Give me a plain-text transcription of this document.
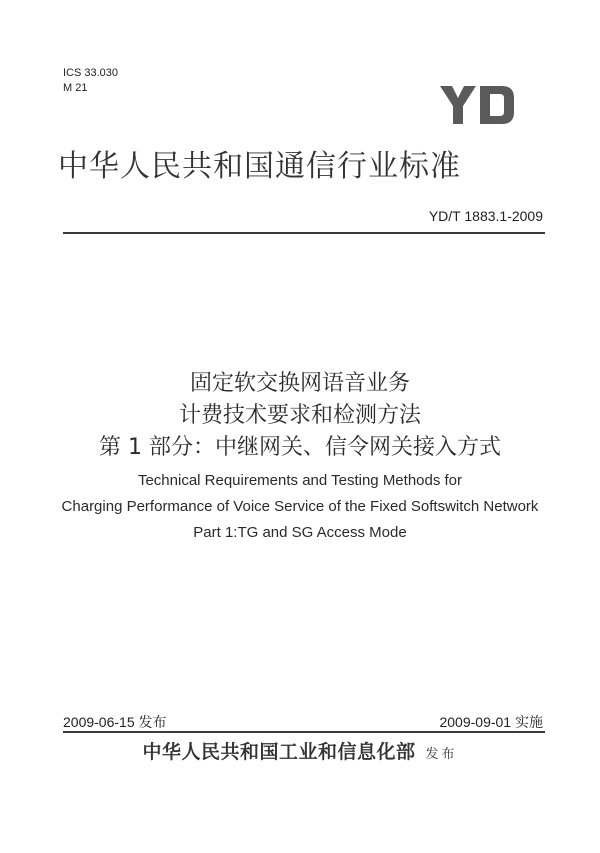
ICS 33.030
M 21
中华人民共和国通信行业标准
YD/T 1883.1-2009
固定软交换网语音业务
计费技术要求和检测方法
第 1 部分：中继网关、信令网关接入方式
Technical Requirements and Testing Methods for
Charging Performance of Voice Service of the Fixed Softswitch Network
Part 1:TG and SG Access Mode
2009-06-15 发布	2009-09-01 实施
中华人民共和国工业和信息化部 发布
